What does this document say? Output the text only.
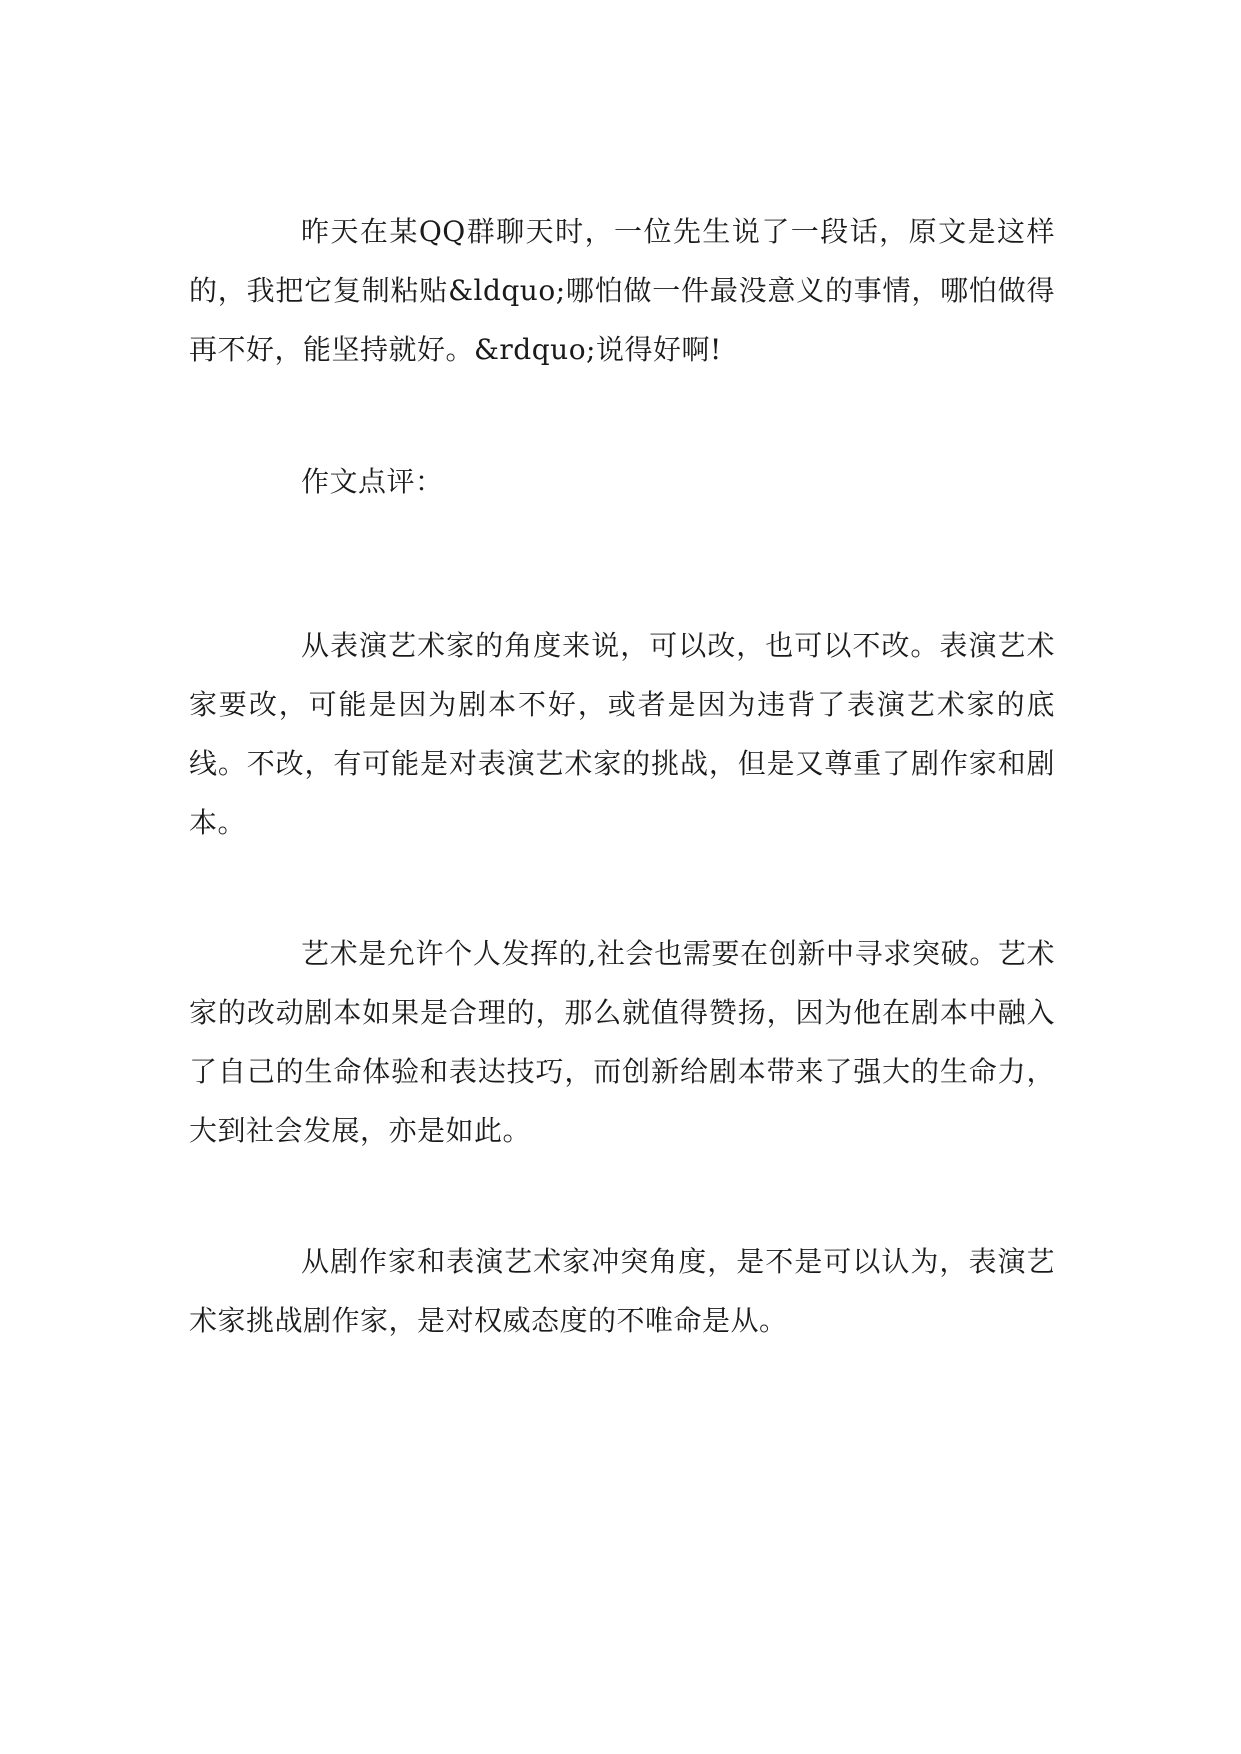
昨天在某QQ群聊天时，一位先生说了一段话，原文是这样的，我把它复制粘贴&ldquo;哪怕做一件最没意义的事情，哪怕做得再不好，能坚持就好。&rdquo;说得好啊!

作文点评：

从表演艺术家的角度来说，可以改，也可以不改。表演艺术家要改，可能是因为剧本不好，或者是因为违背了表演艺术家的底线。不改，有可能是对表演艺术家的挑战，但是又尊重了剧作家和剧本。

艺术是允许个人发挥的,社会也需要在创新中寻求突破。艺术家的改动剧本如果是合理的，那么就值得赞扬，因为他在剧本中融入了自己的生命体验和表达技巧，而创新给剧本带来了强大的生命力，大到社会发展，亦是如此。

从剧作家和表演艺术家冲突角度，是不是可以认为，表演艺术家挑战剧作家，是对权威态度的不唯命是从。
